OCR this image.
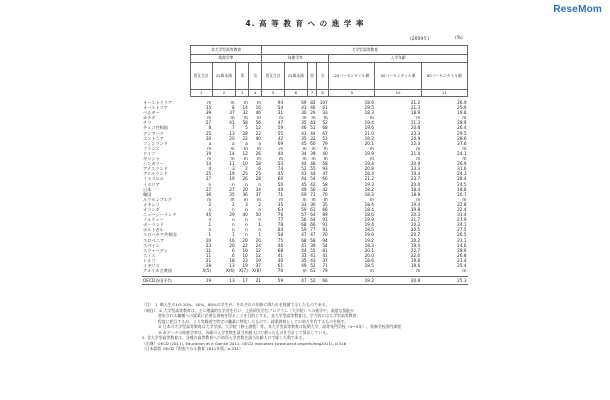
ReseMom
4. 高 等 教 育 へ の 進 学 率
(2009年)	(%)
	非大学型高等教育				大学型高等教育						
	純進学率				純進学率				入学年齢		
	男女合計	25歳未満	男	女	男女合計	25歳未満	男	女	20パーセンタイル値	50パーセンタイル値	80パーセンタイル値
	1	2	3	4	5	6	7	8	9	10	11

オーストラリア	m	m	m	m	94	69	82	107	18.6	21.2	26.9
オーストリア	15	8	14	16	54	43	46	61	19.5	21.3	25.9
ベルギー	39	37	32	46	31	30	29	33	18.3	18.9	19.8
カナダ	m	m	m	m	m	m	m	m	m	m	m
チリ	57	41	58	56	47	35	43	52	19.4	21.3	28.9
チェコ共和国	8	7	5	12	59	46	51	68	19.6	20.8	26.4
デンマーク	25	13	28	22	55	43	44	67	21.0	23.3	29.5
エストニア	30	20	22	40	42	35	32	53	19.2	20.9	28.6
フィンランド	a	a	a	a	69	45	60	79	20.1	22.3	27.6
フランス	m	m	m	m	m	m	m	m	m	m	m
ドイツ	19	14	12	26	40	34	39	40	19.9	21.4	24.1
ギリシャ	m	m	m	m	m	m	m	m	m	m	m
ハンガリー	14	11	10	18	53	44	48	58	19.4	20.9	26.9
アイスランド	4	3	2	6	74	52	55	93	20.8	23.3	31.6
アイルランド	25	19	25	25	45	43	44	47	18.4	19.4	24.3
イスラエル	27	19	26	28	60	44	54	66	21.2	23.7	28.4
イタリア	n	n	n	n	50	45	42	58	19.3	20.0	24.5
日本	27	27	20	34	49	49	56	42	18.2	18.4	18.8
韓国	36	35	36	37	71	69	71	70	18.3	18.9	20.7
ルクセンブルグ	m	m	m	m	m	m	m	m	m	m	m
メキシコ	2	2	3	2	35	33	36	35	18.4	19.4	22.8
オランダ	n	n	n	n	63	59	61	66	18.4	19.8	22.4
ニュージーランド	45	29	40	50	76	57	64	89	18.6	20.3	31.4
ノルウェー	n	n	n	n	77	56	64	91	19.9	21.7	27.9
ポーランド	1	n	n	1	78	68	66	91	19.4	20.3	24.1
ポルトガル	n	n	n	n	84	59	77	91	18.5	20.5	27.5
スロバキア共和国	1	1	n	1	58	47	47	70	19.6	20.7	26.5
スロベニア	20	16	20	20	75	68	58	94	19.2	20.2	23.1
スペイン	23	20	22	24	46	41	39	54	18.3	19.4	24.6
スウェーデン	11	6	10	12	68	44	55	81	20.1	22.7	28.6
スイス	11	6	10	12	41	33	41	41	20.0	22.0	26.8
トルコ	21	18	23	19	40	35	43	37	18.6	19.8	23.4
イギリス	28	13	19	37	61	49	52	71	18.5	19.6	25.4
アメリカ合衆国	X(5)	X(6)	X(7)	X(8)	70	m	61	79	m	m	m

OECD各国平均	19	13	17	21	59	47	52	66	19.2	20.8	25.3

（注） 1. 網入生の1/5 20%、50%、80%の学生が、それぞれの年齢に満たれを数値で示したものである。

（補注） ① 大学型高等教育は、主に理論的な学習を行い、上級研究学位プログラム（大学院）への進学や、高度な技能が

要求される職種への就業に必要な資格を得ることを目的とする。非大学型高等教育は、学力的には大学型高等教育

程度に相当するが、より実践的で特定の職業に特化したもので、就業資格としての効力を有するものを指す。

② 日本の大学型高等教育は大学学部、大学院（修士課程）等、非大学型高等教育は短期大学、高等専門学校（4〜5年）、専修学校専門課程

③ 本データの純進学率は、各歳の入学者数を該当年齢人口で割ったものを合計して算出している。

2. 非大学型高等教育は、各種の高等教育への初回入学者数を該当年齢人口で除した数である。

（出典）OECD (2011), Education at a Glance 2011: OECD Indicators (www.oecd.org/edu/eag2011), p.316

（日本語版 OECD『図表でみる教育 2011年版』p.331）
